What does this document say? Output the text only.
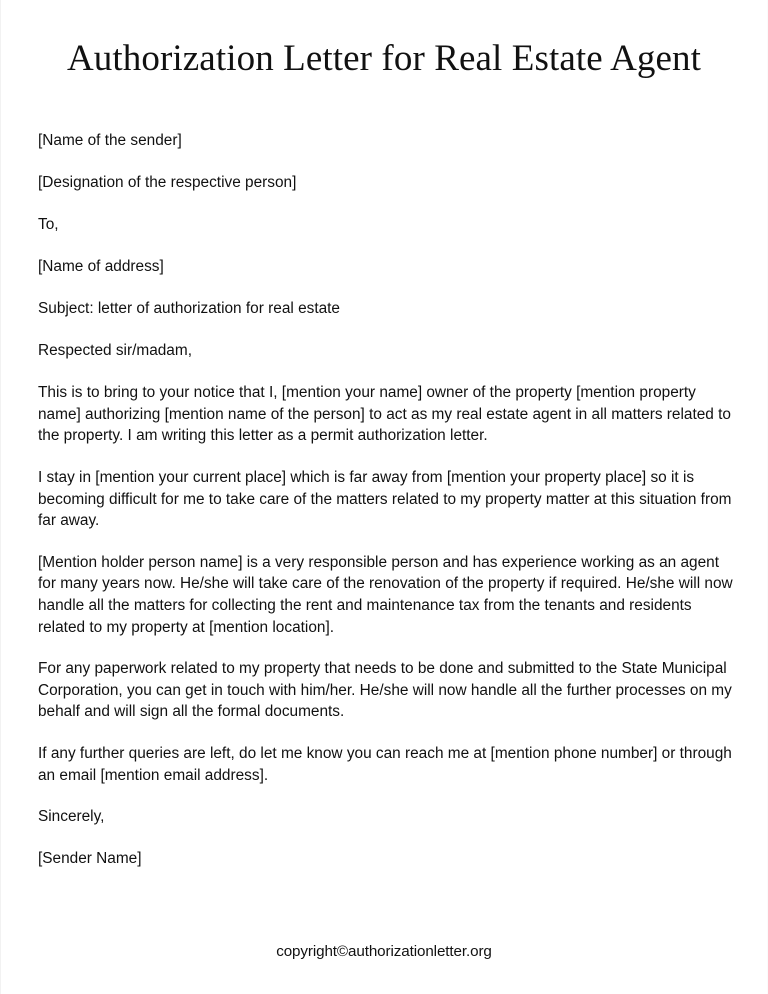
Authorization Letter for Real Estate Agent

[Name of the sender]

[Designation of the respective person]

To,

[Name of address]

Subject: letter of authorization for real estate

Respected sir/madam,

This is to bring to your notice that I, [mention your name] owner of the property [mention property name] authorizing [mention name of the person] to act as my real estate agent in all matters related to the property. I am writing this letter as a permit authorization letter.

I stay in [mention your current place] which is far away from [mention your property place] so it is becoming difficult for me to take care of the matters related to my property matter at this situation from far away.

[Mention holder person name] is a very responsible person and has experience working as an agent for many years now. He/she will take care of the renovation of the property if required. He/she will now handle all the matters for collecting the rent and maintenance tax from the tenants and residents related to my property at [mention location].

For any paperwork related to my property that needs to be done and submitted to the State Municipal Corporation, you can get in touch with him/her. He/she will now handle all the further processes on my behalf and will sign all the formal documents.

If any further queries are left, do let me know you can reach me at [mention phone number] or through an email [mention email address].

Sincerely,

[Sender Name]

copyright©authorizationletter.org
